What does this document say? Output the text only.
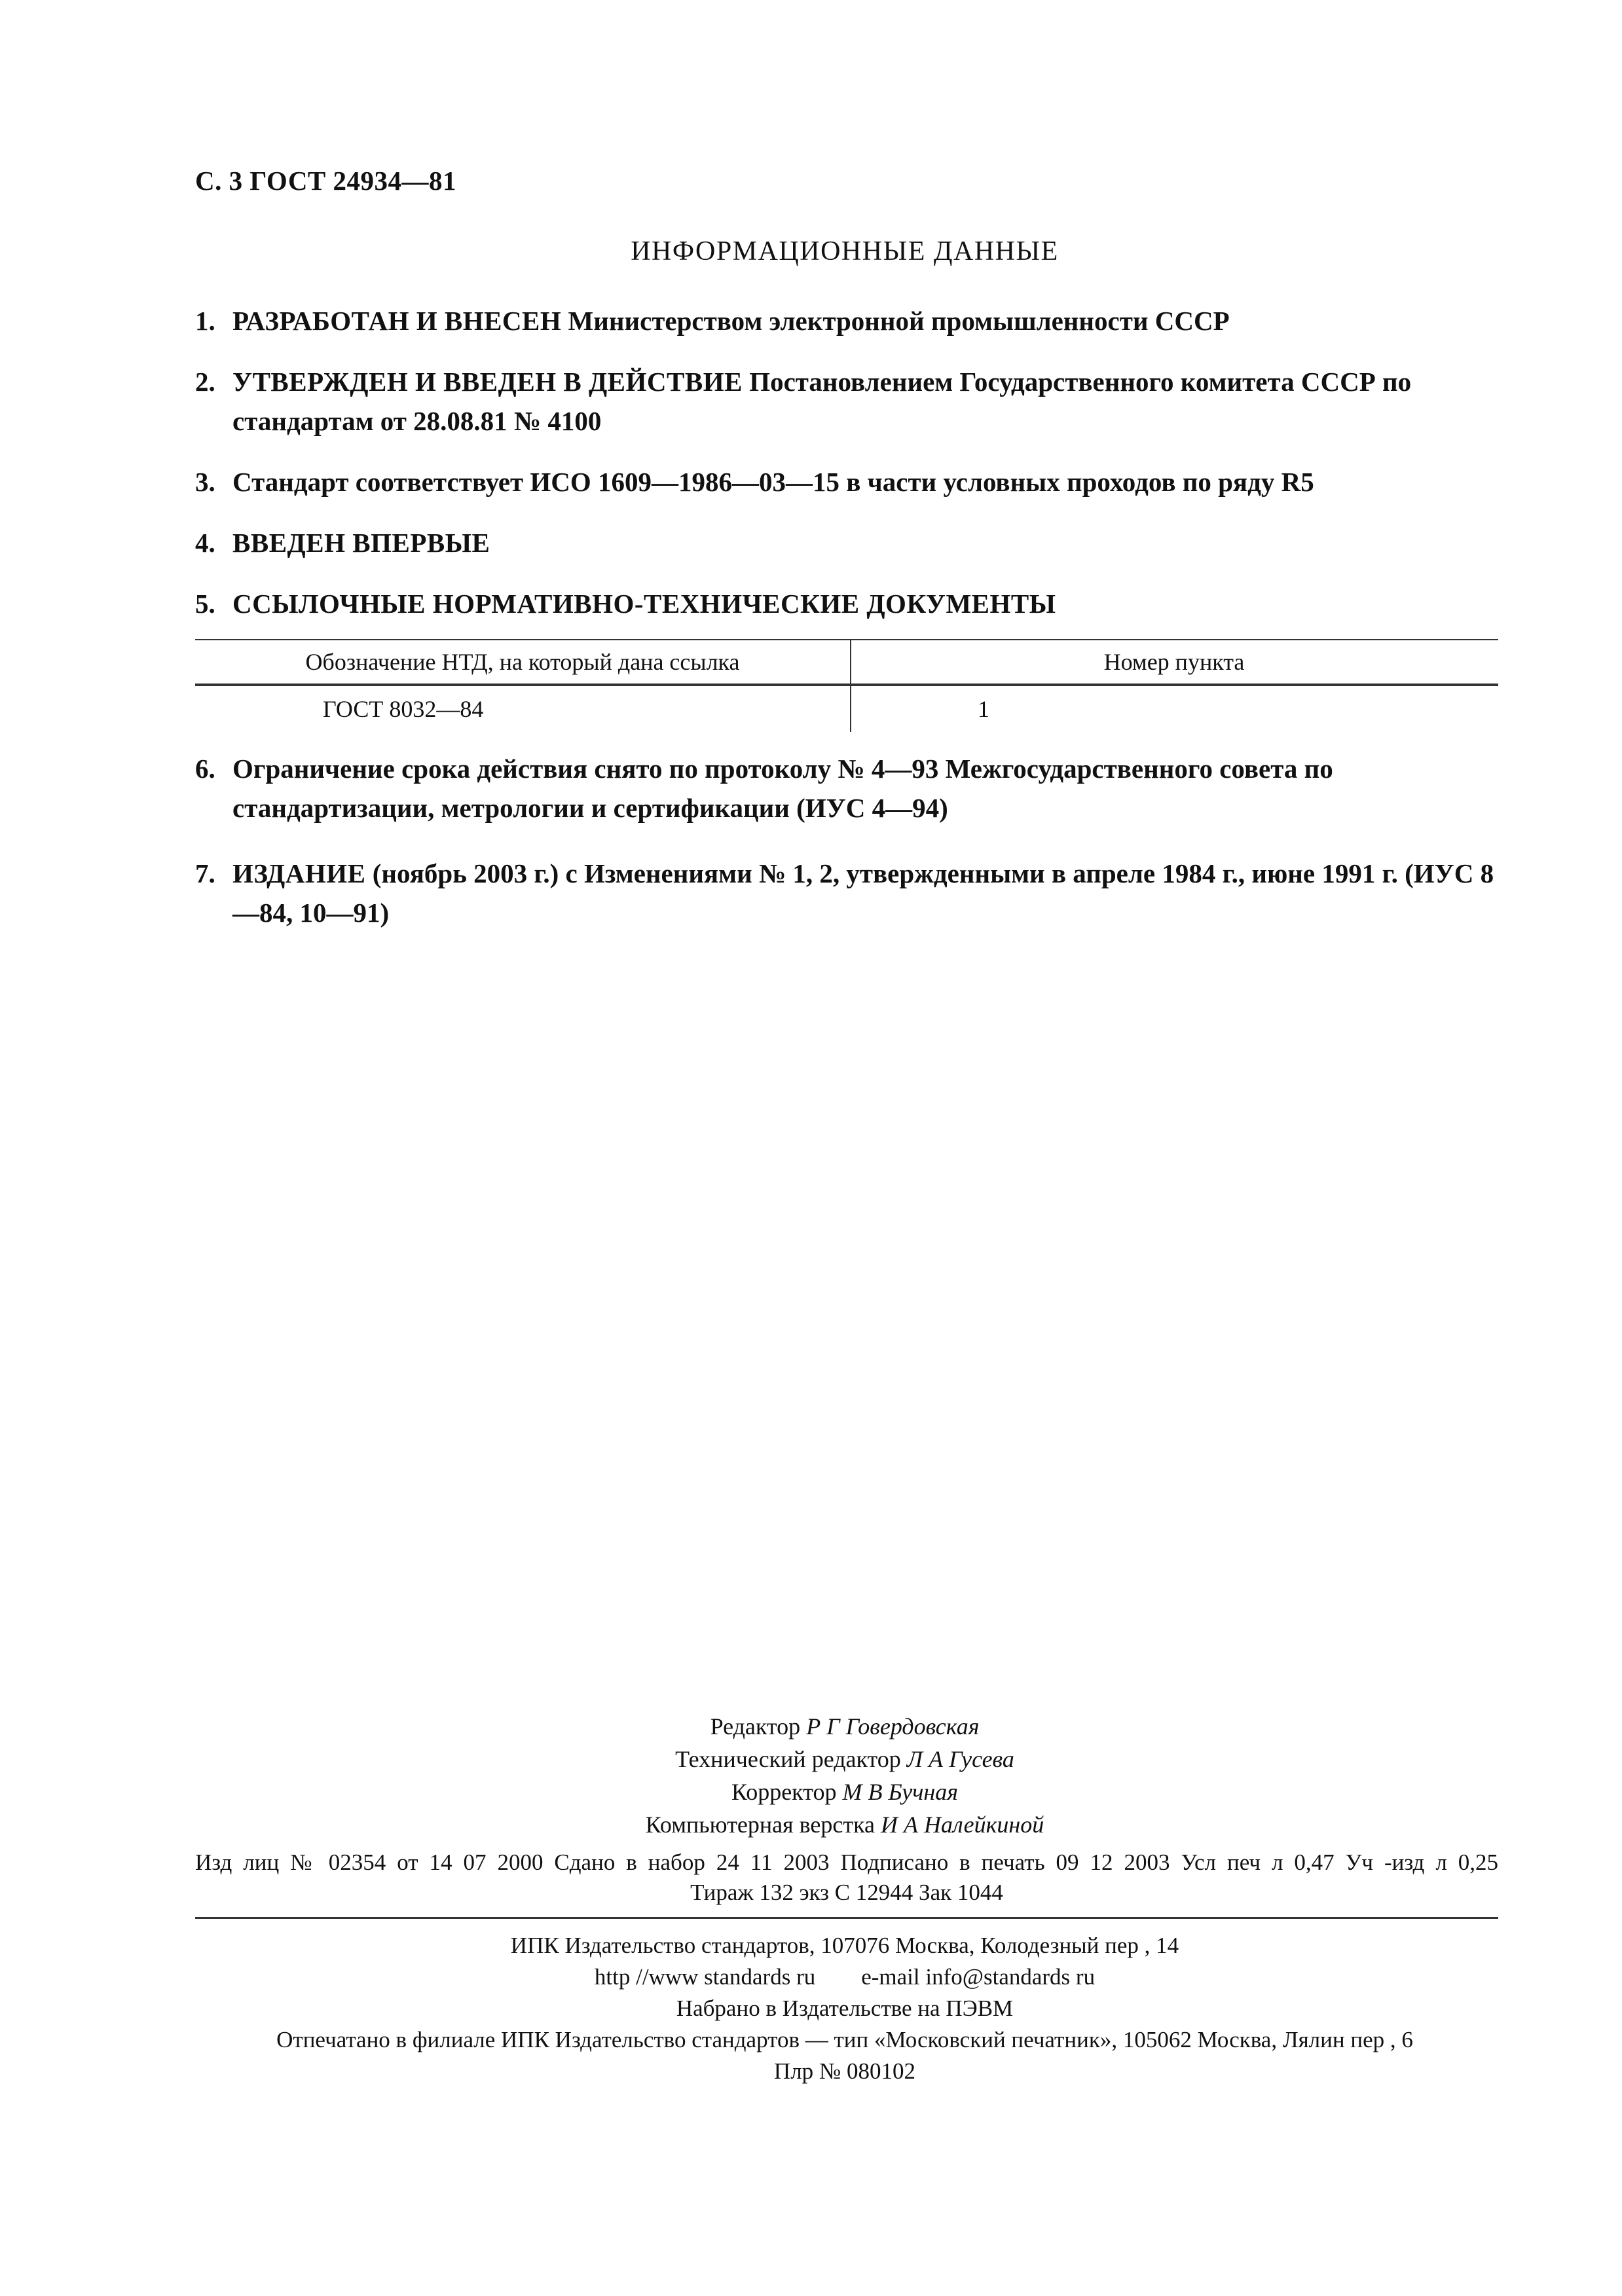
С. 3 ГОСТ 24934—81
ИНФОРМАЦИОННЫЕ ДАННЫЕ

1. РАЗРАБОТАН И ВНЕСЕН Министерством электронной промышленности СССР

2. УТВЕРЖДЕН И ВВЕДЕН В ДЕЙСТВИЕ Постановлением Государственного комитета СССР по стандартам от 28.08.81 № 4100

3. Стандарт соответствует ИСО 1609—1986—03—15 в части условных проходов по ряду R5

4. ВВЕДЕН ВПЕРВЫЕ

5. ССЫЛОЧНЫЕ НОРМАТИВНО-ТЕХНИЧЕСКИЕ ДОКУМЕНТЫ

Обозначение НТД, на который дана ссылка	Номер пункта
ГОСТ 8032—84	1

6. Ограничение срока действия снято по протоколу № 4—93 Межгосударственного совета по стандартизации, метрологии и сертификации (ИУС 4—94)

7. ИЗДАНИЕ (ноябрь 2003 г.) с Изменениями № 1, 2, утвержденными в апреле 1984 г., июне 1991 г. (ИУС 8—84, 10—91)

Редактор Р Г Говердовская
Технический редактор Л А Гусева
Корректор М В Бучная
Компьютерная верстка И А Налейкиной
Изд лиц № 02354 от 14 07 2000 Сдано в набор 24 11 2003 Подписано в печать 09 12 2003 Усл печ л 0,47 Уч -изд л 0,25
Тираж 132 экз С 12944 Зак 1044
ИПК Издательство стандартов, 107076 Москва, Колодезный пер , 14
http //www standards ru e-mail info@standards ru
Набрано в Издательстве на ПЭВМ
Отпечатано в филиале ИПК Издательство стандартов — тип «Московский печатник», 105062 Москва, Лялин пер , 6
Плр № 080102
